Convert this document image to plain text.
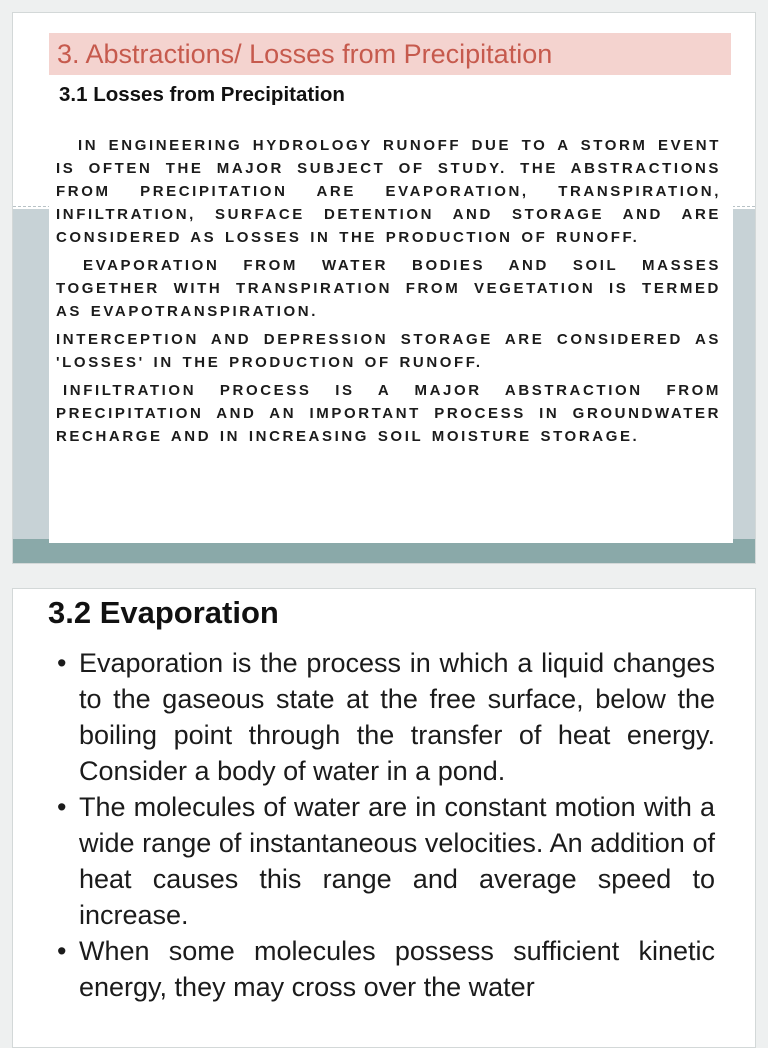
3. Abstractions/ Losses from Precipitation
3.1 Losses from Precipitation

IN ENGINEERING HYDROLOGY RUNOFF DUE TO A STORM EVENT IS OFTEN THE MAJOR SUBJECT OF STUDY. THE ABSTRACTIONS FROM PRECIPITATION ARE EVAPORATION, TRANSPIRATION, INFILTRATION, SURFACE DETENTION AND STORAGE AND ARE CONSIDERED AS LOSSES IN THE PRODUCTION OF RUNOFF.

EVAPORATION FROM WATER BODIES AND SOIL MASSES TOGETHER WITH TRANSPIRATION FROM VEGETATION IS TERMED AS EVAPOTRANSPIRATION.

INTERCEPTION AND DEPRESSION STORAGE ARE CONSIDERED AS 'LOSSES' IN THE PRODUCTION OF RUNOFF.

INFILTRATION PROCESS IS A MAJOR ABSTRACTION FROM PRECIPITATION AND AN IMPORTANT PROCESS IN GROUNDWATER RECHARGE AND IN INCREASING SOIL MOISTURE STORAGE.

3.2 Evaporation
• Evaporation is the process in which a liquid changes to the gaseous state at the free surface, below the boiling point through the transfer of heat energy. Consider a body of water in a pond.
• The molecules of water are in constant motion with a wide range of instantaneous velocities. An addition of heat causes this range and average speed to increase.
• When some molecules possess sufficient kinetic energy, they may cross over the water
